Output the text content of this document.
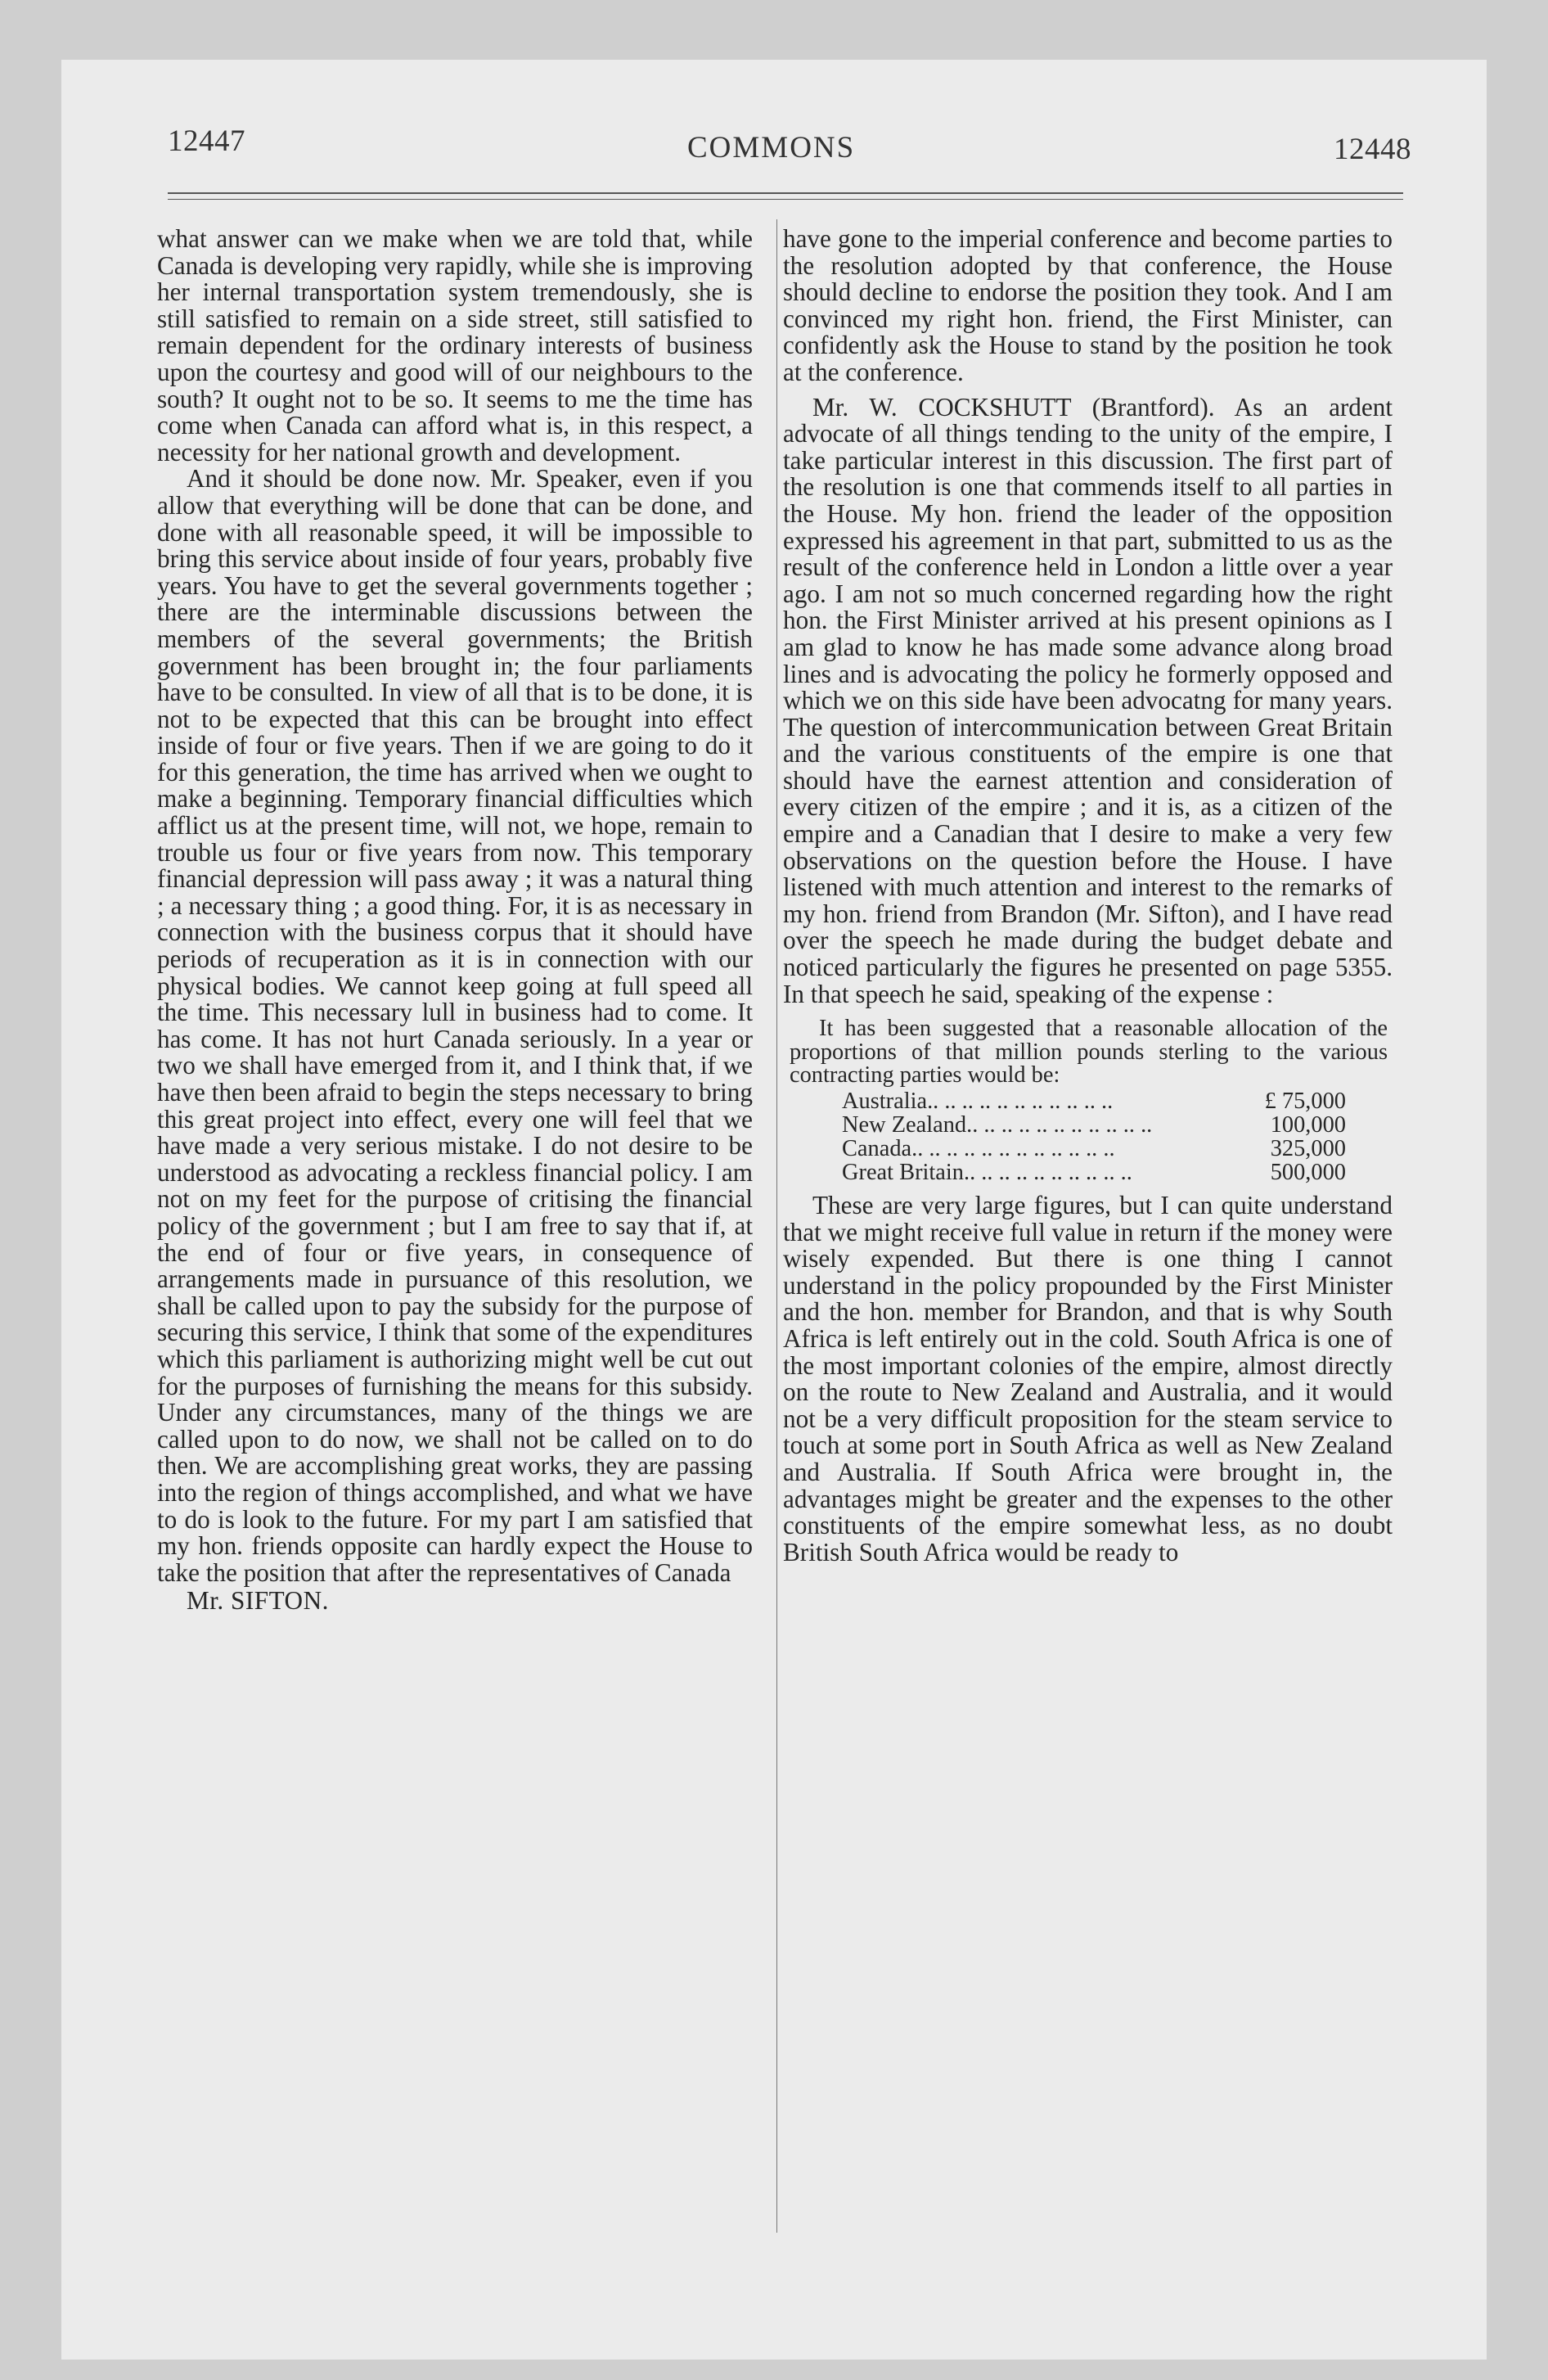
12447	COMMONS	12448

what answer can we make when we are told that, while Canada is developing very rapidly, while she is improving her internal transportation system tremendously, she is still satisfied to remain on a side street, still satisfied to remain dependent for the ordinary interests of business upon the courtesy and good will of our neighbours to the south? It ought not to be so. It seems to me the time has come when Canada can afford what is, in this respect, a necessity for her national growth and development.

And it should be done now. Mr. Speaker, even if you allow that everything will be done that can be done, and done with all reasonable speed, it will be impossible to bring this service about inside of four years, probably five years. You have to get the several governments together ; there are the interminable discussions between the members of the several governments; the British government has been brought in; the four parliaments have to be consulted. In view of all that is to be done, it is not to be expected that this can be brought into effect inside of four or five years. Then if we are going to do it for this generation, the time has arrived when we ought to make a beginning. Temporary financial difficulties which afflict us at the present time, will not, we hope, remain to trouble us four or five years from now. This temporary financial depression will pass away ; it was a natural thing ; a necessary thing ; a good thing. For, it is as necessary in connection with the business corpus that it should have periods of recuperation as it is in connection with our physical bodies. We cannot keep going at full speed all the time. This necessary lull in business had to come. It has come. It has not hurt Canada seriously. In a year or two we shall have emerged from it, and I think that, if we have then been afraid to begin the steps necessary to bring this great project into effect, every one will feel that we have made a very serious mistake. I do not desire to be understood as advocating a reckless financial policy. I am not on my feet for the purpose of critising the financial policy of the government ; but I am free to say that if, at the end of four or five years, in consequence of arrangements made in pursuance of this resolution, we shall be called upon to pay the subsidy for the purpose of securing this service, I think that some of the expenditures which this parliament is authorizing might well be cut out for the purposes of furnishing the means for this subsidy. Under any circumstances, many of the things we are called upon to do now, we shall not be called on to do then. We are accomplishing great works, they are passing into the region of things accomplished, and what we have to do is look to the future. For my part I am satisfied that my hon. friends opposite can hardly expect the House to take the position that after the representatives of Canada

Mr. SIFTON.

have gone to the imperial conference and become parties to the resolution adopted by that conference, the House should decline to endorse the position they took. And I am convinced my right hon. friend, the First Minister, can confidently ask the House to stand by the position he took at the conference.

Mr. W. COCKSHUTT (Brantford). As an ardent advocate of all things tending to the unity of the empire, I take particular interest in this discussion. The first part of the resolution is one that commends itself to all parties in the House. My hon. friend the leader of the opposition expressed his agreement in that part, submitted to us as the result of the conference held in London a little over a year ago. I am not so much concerned regarding how the right hon. the First Minister arrived at his present opinions as I am glad to know he has made some advance along broad lines and is advocating the policy he formerly opposed and which we on this side have been advocatng for many years. The question of intercommunication between Great Britain and the various constituents of the empire is one that should have the earnest attention and consideration of every citizen of the empire ; and it is, as a citizen of the empire and a Canadian that I desire to make a very few observations on the question before the House. I have listened with much attention and interest to the remarks of my hon. friend from Brandon (Mr. Sifton), and I have read over the speech he made during the budget debate and noticed particularly the figures he presented on page 5355. In that speech he said, speaking of the expense :

It has been suggested that a reasonable allocation of the proportions of that million pounds sterling to the various contracting parties would be:

Australia.. .. .. .. .. .. .. .. .. .. ..	£ 75,000
New Zealand.. .. .. .. .. .. .. .. .. .. ..	100,000
Canada.. .. .. .. .. .. .. .. .. .. .. ..	325,000
Great Britain.. .. .. .. .. .. .. .. .. ..	500,000

These are very large figures, but I can quite understand that we might receive full value in return if the money were wisely expended. But there is one thing I cannot understand in the policy propounded by the First Minister and the hon. member for Brandon, and that is why South Africa is left entirely out in the cold. South Africa is one of the most important colonies of the empire, almost directly on the route to New Zealand and Australia, and it would not be a very difficult proposition for the steam service to touch at some port in South Africa as well as New Zealand and Australia. If South Africa were brought in, the advantages might be greater and the expenses to the other constituents of the empire somewhat less, as no doubt British South Africa would be ready to
